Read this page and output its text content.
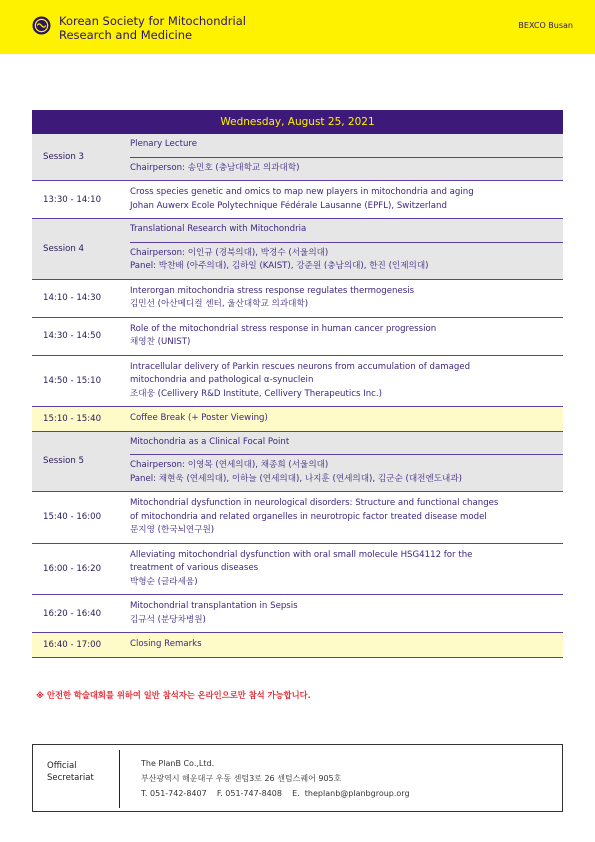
Korean Society for Mitochondrial
Research and Medicine
BEXCO Busan
Wednesday, August 25, 2021
Session 3
Plenary Lecture
Chairperson: 송민호 (충남대학교 의과대학)
13:30 - 14:10
Cross species genetic and omics to map new players in mitochondria and aging
Johan Auwerx Ecole Polytechnique Fédérale Lausanne (EPFL), Switzerland
Session 4
Translational Research with Mitochondria
Chairperson: 이인규 (경북의대), 박경수 (서울의대)
Panel: 박찬배 (아주의대), 김하일 (KAIST), 강준원 (충남의대), 한진 (인제의대)
14:10 - 14:30
Interorgan mitochondria stress response regulates thermogenesis
김민선 (아산메디컬 센터, 울산대학교 의과대학)
14:30 - 14:50
Role of the mitochondrial stress response in human cancer progression
채영찬 (UNIST)
14:50 - 15:10
Intracellular delivery of Parkin rescues neurons from accumulation of damaged
mitochondria and pathological α-synuclein
조대웅 (Cellivery R&D Institute, Cellivery Therapeutics Inc.)
15:10 - 15:40	Coffee Break (+ Poster Viewing)
Session 5
Mitochondria as a Clinical Focal Point
Chairperson: 이영목 (연세의대), 채종희 (서울의대)
Panel: 채현욱 (연세의대), 이하늘 (연세의대), 나지훈 (연세의대), 김군순 (대전엔도내과)
15:40 - 16:00
Mitochondrial dysfunction in neurological disorders: Structure and functional changes
of mitochondria and related organelles in neurotropic factor treated disease model
문지영 (한국뇌연구원)
16:00 - 16:20
Alleviating mitochondrial dysfunction with oral small molecule HSG4112 for the
treatment of various diseases
박형순 (글라세움)
16:20 - 16:40
Mitochondrial transplantation in Sepsis
김규석 (분당차병원)
16:40 - 17:00	Closing Remarks
※ 안전한 학술대회를 위하여 일반 참석자는 온라인으로만 참석 가능합니다.
Official
Secretariat
The PlanB Co.,Ltd.
부산광역시 해운대구 우동 센텀3로 26 센텀스퀘어 905호
T. 051-742-8407    F. 051-747-8408    E.  theplanb@planbgroup.org
